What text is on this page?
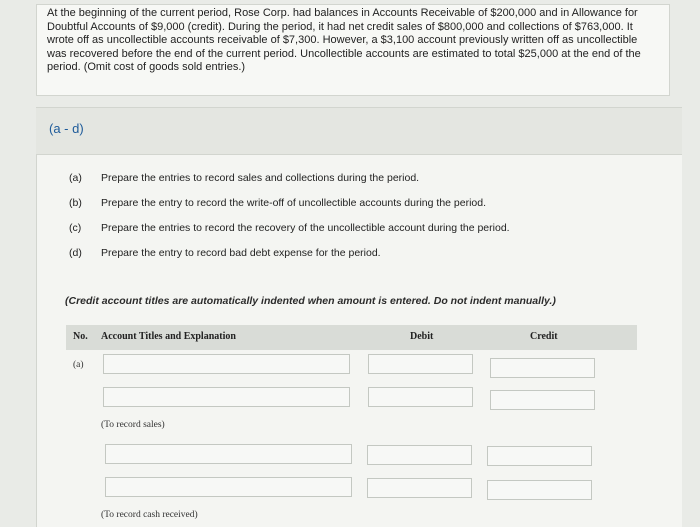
At the beginning of the current period, Rose Corp. had balances in Accounts Receivable of $200,000 and in Allowance for Doubtful Accounts of $9,000 (credit). During the period, it had net credit sales of $800,000 and collections of $763,000. It wrote off as uncollectible accounts receivable of $7,300. However, a $3,100 account previously written off as uncollectible was recovered before the end of the current period. Uncollectible accounts are estimated to total $25,000 at the end of the period. (Omit cost of goods sold entries.)
(a - d)
(a)	Prepare the entries to record sales and collections during the period.
(b)	Prepare the entry to record the write-off of uncollectible accounts during the period.
(c)	Prepare the entries to record the recovery of the uncollectible account during the period.
(d)	Prepare the entry to record bad debt expense for the period.
(Credit account titles are automatically indented when amount is entered. Do not indent manually.)
No. Account Titles and Explanation	Debit	Credit
(a)
(To record sales)
(To record cash received)
